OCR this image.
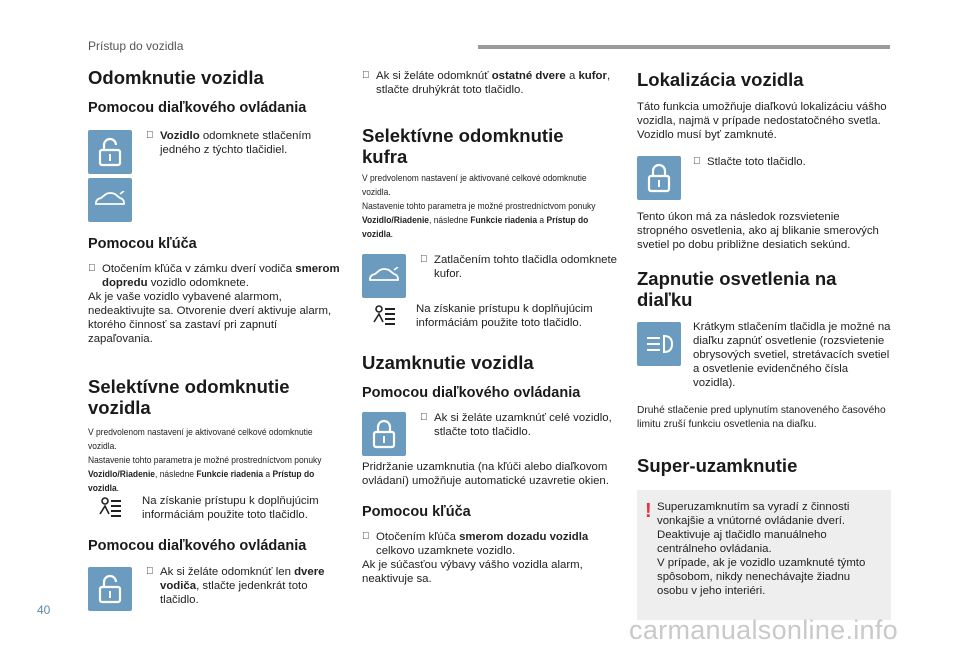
Prístup do vozidla
Odomknutie vozidla
Pomocou diaľkového ovládania
Vozidlo odomknete stlačením jedného z týchto tlačidiel.
Pomocou kľúča
Otočením kľúča v zámku dverí vodiča smerom dopredu vozidlo odomknete.
Ak je vaše vozidlo vybavené alarmom, nedeaktivujte sa. Otvorenie dverí aktivuje alarm, ktorého činnosť sa zastaví pri zapnutí zapaľovania.
Selektívne odomknutie vozidla
V predvolenom nastavení je aktivované celkové odomknutie vozidla.
Nastavenie tohto parametra je možné prostredníctvom ponuky Vozidlo/Riadenie, následne Funkcie riadenia a Prístup do vozidla.
Na získanie prístupu k doplňujúcim informáciám použite toto tlačidlo.
Pomocou diaľkového ovládania
Ak si želáte odomknúť len dvere vodiča, stlačte jedenkrát toto tlačidlo.
Ak si želáte odomknúť ostatné dvere a kufor, stlačte druhýkrát toto tlačidlo.
Selektívne odomknutie kufra
V predvolenom nastavení je aktivované celkové odomknutie vozidla.
Nastavenie tohto parametra je možné prostredníctvom ponuky Vozidlo/Riadenie, následne Funkcie riadenia a Prístup do vozidla.
Zatlačením tohto tlačidla odomknete kufor.
Na získanie prístupu k doplňujúcim informáciám použite toto tlačidlo.
Uzamknutie vozidla
Pomocou diaľkového ovládania
Ak si želáte uzamknúť celé vozidlo, stlačte toto tlačidlo.
Pridržanie uzamknutia (na kľúči alebo diaľkovom ovládaní) umožňuje automatické uzavretie okien.
Pomocou kľúča
Otočením kľúča smerom dozadu vozidla celkovo uzamknete vozidlo.
Ak je súčasťou výbavy vášho vozidla alarm, neaktivuje sa.
Lokalizácia vozidla
Táto funkcia umožňuje diaľkovú lokalizáciu vášho vozidla, najmä v prípade nedostatočného svetla. Vozidlo musí byť zamknuté.
Stlačte toto tlačidlo.
Tento úkon má za následok rozsvietenie stropného osvetlenia, ako aj blikanie smerových svetiel po dobu približne desiatich sekúnd.
Zapnutie osvetlenia na diaľku
Krátkym stlačením tlačidla je možné na diaľku zapnúť osvetlenie (rozsvietenie obrysových svetiel, stretávacích svetiel a osvetlenie evidenčného čísla vozidla).
Druhé stlačenie pred uplynutím stanoveného časového limitu zruší funkciu osvetlenia na diaľku.
Super-uzamknutie
! Superuzamknutím sa vyradí z činnosti vonkajšie a vnútorné ovládanie dverí.
Deaktivuje aj tlačidlo manuálneho centrálneho ovládania.
V prípade, ak je vozidlo uzamknuté týmto spôsobom, nikdy nenechávajte žiadnu osobu v jeho interiéri.
40
carmanualsonline.info
